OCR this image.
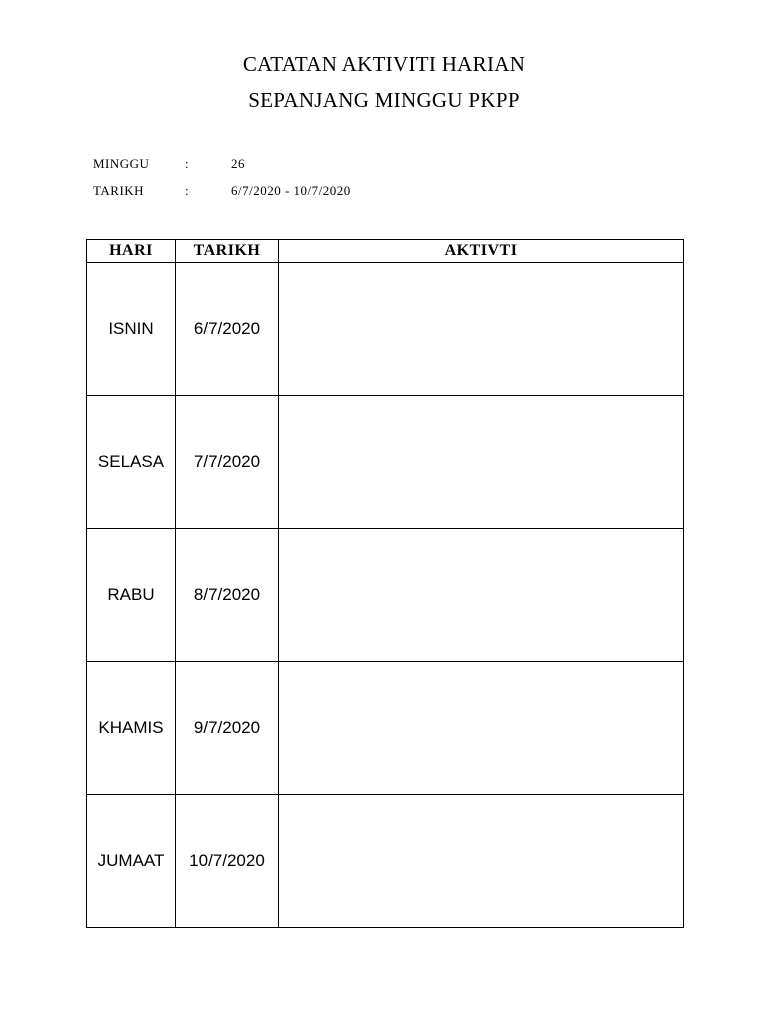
CATATAN AKTIVITI HARIAN
SEPANJANG MINGGU PKPP
MINGGU	:	26
TARIKH	:	6/7/2020 - 10/7/2020
HARI	TARIKH	AKTIVTI
ISNIN	6/7/2020	
SELASA	7/7/2020	
RABU	8/7/2020	
KHAMIS	9/7/2020	
JUMAAT	10/7/2020	
